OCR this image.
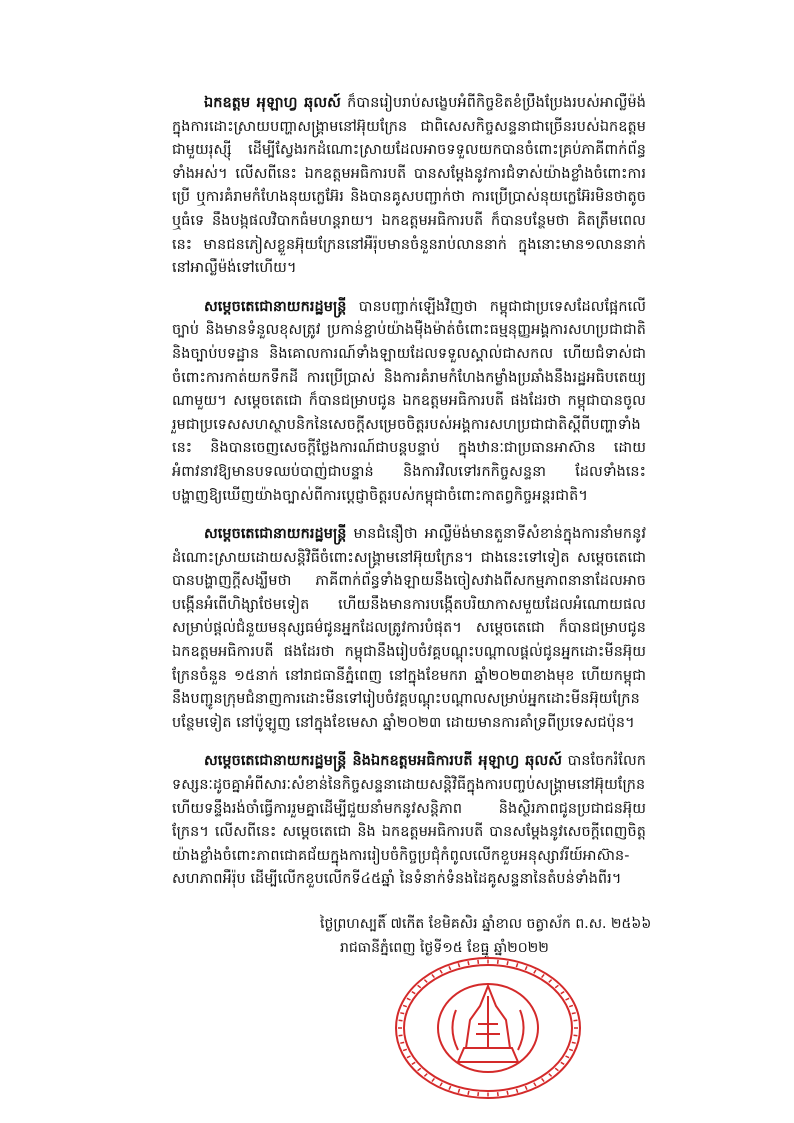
ឯកឧត្តម អុឡាហ្វ ឆុលស៍ ក៏បានរៀបរាប់សង្ខេបអំពីកិច្ចខិតខំប្រឹងប្រែងរបស់អាល្លឺម៉ង់ក្នុងការដោះស្រាយបញ្ហាសង្គ្រាមនៅអ៊ុយក្រែន ជាពិសេសកិច្ចសន្ទនាជាច្រើនរបស់ឯកឧត្តមជាមួយរុស្ស៊ី ដើម្បីស្វែងរកដំណោះស្រាយដែលអាចទទួលយកបានចំពោះគ្រប់ភាគីពាក់ព័ន្ធទាំងអស់។ លើសពីនេះ ឯកឧត្តមអធិការបតី បានសម្តែងនូវការជំទាស់យ៉ាងខ្លាំងចំពោះការប្រើ ឬការគំរាមកំហែងនុយក្លេអ៊ែរ និងបានគូសបញ្ជាក់ថា ការប្រើប្រាស់នុយក្លេអ៊ែរមិនថាតូច ឬធំទេ នឹងបង្កផលវិបាកធំមហន្តរាយ។ ឯកឧត្តមអធិការបតី ក៏បានបន្ថែមថា គិតត្រឹមពេលនេះ មានជនភៀសខ្លួនអ៊ុយក្រែននៅអឺរ៉ុបមានចំនួនរាប់លាននាក់ ក្នុងនោះមាន១លាននាក់ នៅអាល្លឺម៉ង់ទៅហើយ។

សម្តេចតេជោនាយករដ្ឋមន្ត្រី បានបញ្ជាក់ឡើងវិញថា កម្ពុជាជាប្រទេសដែលផ្អែកលើច្បាប់ និងមានទំនួលខុសត្រូវ ប្រកាន់ខ្ជាប់យ៉ាងម៉ឺងម៉ាត់ចំពោះធម្មនុញ្ញអង្គការសហប្រជាជាតិ និងច្បាប់បទដ្ឋាន និងគោលការណ៍ទាំងឡាយដែលទទួលស្គាល់ជាសកល ហើយជំទាស់ជាចំពោះការកាត់យកទឹកដី ការប្រើប្រាស់ និងការគំរាមកំហែងកម្លាំងប្រឆាំងនឹងរដ្ឋអធិបតេយ្យណាមួយ។ សម្តេចតេជោ ក៏បានជម្រាបជូន ឯកឧត្តមអធិការបតី ផងដែរថា កម្ពុជាបានចូលរួមជាប្រទេសសហស្ថាបនិកនៃសេចក្តីសម្រេចចិត្តរបស់អង្គការសហប្រជាជាតិស្តីពីបញ្ហាទាំងនេះ និងបានចេញសេចក្តីថ្លែងការណ៍ជាបន្តបន្ទាប់ ក្នុងឋានៈជាប្រធានអាស៊ាន ដោយអំពាវនាវឱ្យមានបទឈប់បាញ់ជាបន្ទាន់ និងការវិលទៅរកកិច្ចសន្ទនា ដែលទាំងនេះបង្ហាញឱ្យឃើញយ៉ាងច្បាស់ពីការប្តេជ្ញាចិត្តរបស់កម្ពុជាចំពោះកាតព្វកិច្ចអន្តរជាតិ។

សម្តេចតេជោនាយករដ្ឋមន្ត្រី មានជំនឿថា អាល្លឺម៉ង់មានតួនាទីសំខាន់ក្នុងការនាំមកនូវដំណោះស្រាយដោយសន្តិវិធីចំពោះសង្គ្រាមនៅអ៊ុយក្រែន។ ជាងនេះទៅទៀត សម្តេចតេជោ បានបង្ហាញក្តីសង្ឃឹមថា ភាគីពាក់ព័ន្ធទាំងឡាយនឹងចៀសវាងពីសកម្មភាពនានាដែលអាចបង្កើនអំពើហិង្សាថែមទៀត ហើយនឹងមានការបង្កើតបរិយាកាសមួយដែលអំណោយផលសម្រាប់ផ្តល់ជំនួយមនុស្សធម៌ជូនអ្នកដែលត្រូវការបំផុត។ សម្តេចតេជោ ក៏បានជម្រាបជូន ឯកឧត្តមអធិការបតី ផងដែរថា កម្ពុជានឹងរៀបចំវគ្គបណ្តុះបណ្តាលផ្តល់ជូនអ្នកដោះមីនអ៊ុយក្រែនចំនួន ១៥នាក់ នៅរាជធានីភ្នំពេញ នៅក្នុងខែមករា ឆ្នាំ២០២៣ខាងមុខ ហើយកម្ពុជានឹងបញ្ជូនក្រុមជំនាញការដោះមីនទៅរៀបចំវគ្គបណ្តុះបណ្តាលសម្រាប់អ្នកដោះមីនអ៊ុយក្រែនបន្ថែមទៀត នៅប៉ូឡូញ នៅក្នុងខែមេសា ឆ្នាំ២០២៣ ដោយមានការគាំទ្រពីប្រទេសជប៉ុន។

សម្តេចតេជោនាយករដ្ឋមន្ត្រី និងឯកឧត្តមអធិការបតី អុឡាហ្វ ឆុលស៍ បានចែករំលែកទស្សនៈដូចគ្នាអំពីសារៈសំខាន់នៃកិច្ចសន្ទនាដោយសន្តិវិធីក្នុងការបញ្ចប់សង្គ្រាមនៅអ៊ុយក្រែន ហើយទន្ទឹងរង់ចាំធ្វើការរួមគ្នាដើម្បីជួយនាំមកនូវសន្តិភាព និងស្ថិរភាពជូនប្រជាជនអ៊ុយក្រែន។ លើសពីនេះ សម្តេចតេជោ និង ឯកឧត្តមអធិការបតី បានសម្តែងនូវសេចក្តីពេញចិត្តយ៉ាងខ្លាំងចំពោះភាពជោគជ័យក្នុងការរៀបចំកិច្ចប្រជុំកំពូលលើកខួបអនុស្សាវរីយ៍អាស៊ាន-សហភាពអឺរ៉ុប ដើម្បីលើកខួបលើកទី៤៥ឆ្នាំ នៃទំនាក់ទំនងដៃគូសន្ទនានៃតំបន់ទាំងពីរ។

ថ្ងៃព្រហស្បតិ៍ ៧កើត ខែមិគសិរ ឆ្នាំខាល ចត្វាស័ក ព.ស. ២៥៦៦
រាជធានីភ្នំពេញ ថ្ងៃទី១៥ ខែធ្នូ ឆ្នាំ២០២២
